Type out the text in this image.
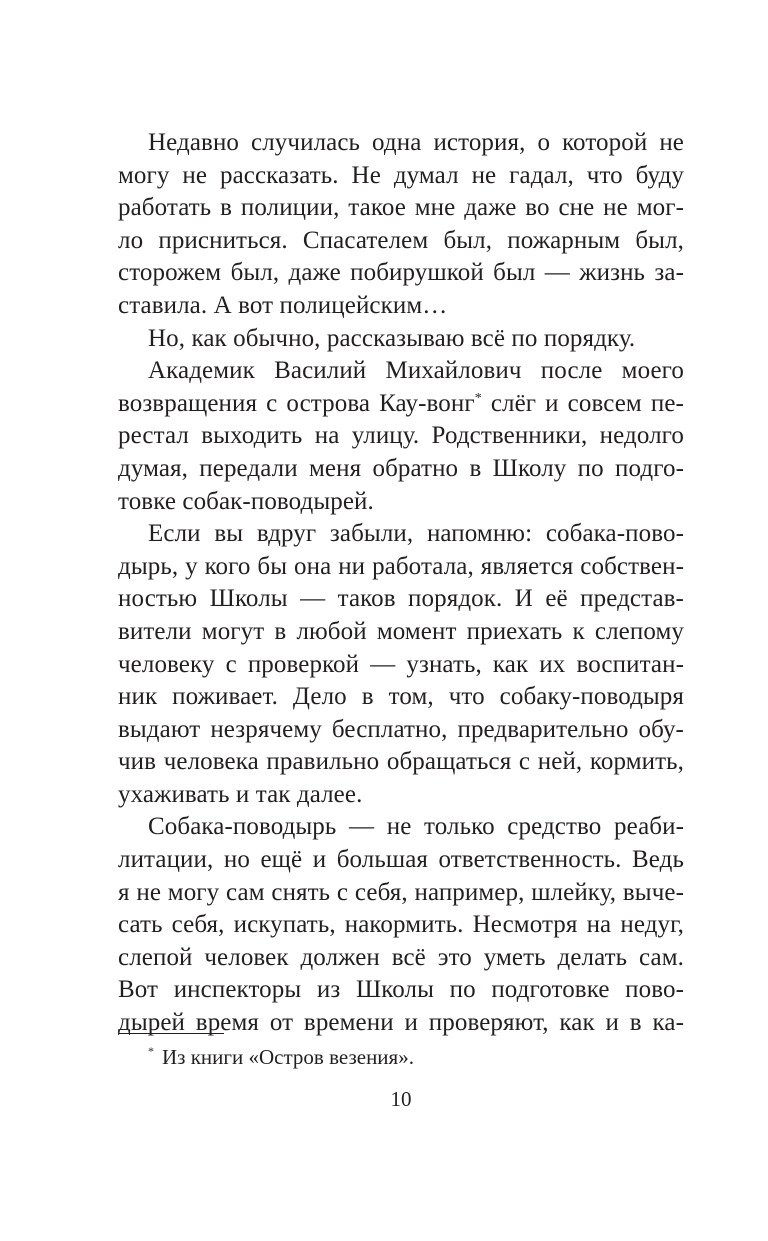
Недавно случилась одна история, о которой не
могу не рассказать. Не думал не гадал, что буду
работать в полиции, такое мне даже во сне не мог-
ло присниться. Спасателем был, пожарным был,
сторожем был, даже побирушкой был — жизнь за-
ставила. А вот полицейским…
Но, как обычно, рассказываю всё по порядку.
Академик Василий Михайлович после моего
возвращения с острова Кау-вонг* слёг и совсем пе-
рестал выходить на улицу. Родственники, недолго
думая, передали меня обратно в Школу по подго-
товке собак-поводырей.
Если вы вдруг забыли, напомню: собака-пово-
дырь, у кого бы она ни работала, является собствен-
ностью Школы — таков порядок. И её представ-
вители могут в любой момент приехать к слепому
человеку с проверкой — узнать, как их воспитан-
ник поживает. Дело в том, что собаку-поводыря
выдают незрячему бесплатно, предварительно обу-
чив человека правильно обращаться с ней, кормить,
ухаживать и так далее.
Собака-поводырь — не только средство реаби-
литации, но ещё и большая ответственность. Ведь
я не могу сам снять с себя, например, шлейку, выче-
сать себя, искупать, накормить. Несмотря на недуг,
слепой человек должен всё это уметь делать сам.
Вот инспекторы из Школы по подготовке пово-
дырей время от времени и проверяют, как и в ка-
* Из книги «Остров везения».
10
